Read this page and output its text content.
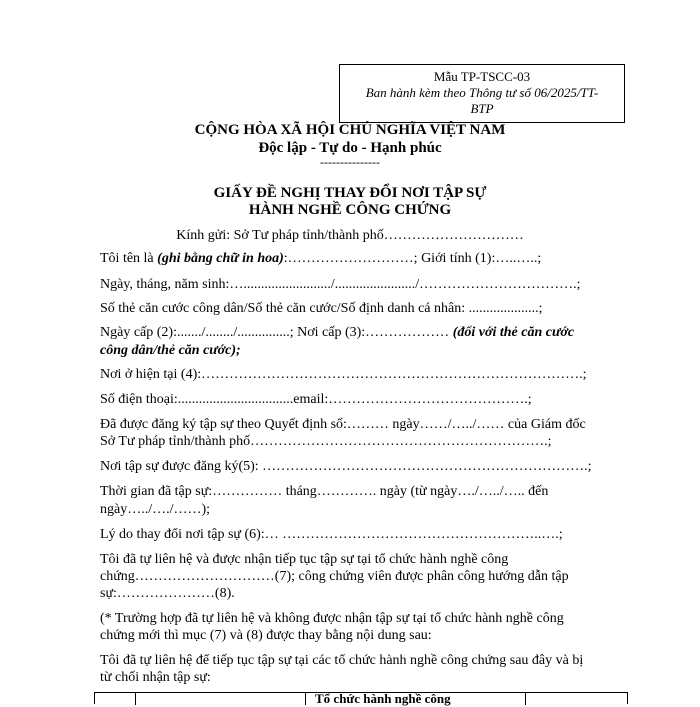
Mẫu TP-TSCC-03
Ban hành kèm theo Thông tư số 06/2025/TT-
BTP
CỘNG HÒA XÃ HỘI CHỦ NGHĨA VIỆT NAM
Độc lập - Tự do - Hạnh phúc
---------------
GIẤY ĐỀ NGHỊ THAY ĐỔI NƠI TẬP SỰ
HÀNH NGHỀ CÔNG CHỨNG
Kính gửi: Sở Tư pháp tỉnh/thành phố…………………………
Tôi tên là (ghi bằng chữ in hoa):………………………; Giới tính (1):…..…..;
Ngày, tháng, năm sinh:…........................./......................./…………………………….;
Số thẻ căn cước công dân/Số thẻ căn cước/Số định danh cá nhân: ....................;
Ngày cấp (2):......./......../...............; Nơi cấp (3):……………… (đối với thẻ căn cước
công dân/thẻ căn cước);
Nơi ở hiện tại (4):……………………………………………………………………….;
Số điện thoại:.................................email:…………………………………….;
Đã được đăng ký tập sự theo Quyết định số:……… ngày……/…../…… của Giám đốc
Sở Tư pháp tỉnh/thành phố……………………………………………………….;
Nơi tập sự được đăng ký(5): …………………………………………………………….;
Thời gian đã tập sự:…………… tháng…………. ngày (từ ngày…./…../….. đến
ngày…../…./……);
Lý do thay đổi nơi tập sự (6):… ………………………………………………..….;
Tôi đã tự liên hệ và được nhận tiếp tục tập sự tại tổ chức hành nghề công
chứng…………………………(7); công chứng viên được phân công hướng dẫn tập
sự:…………………(8).
(* Trường hợp đã tự liên hệ và không được nhận tập sự tại tổ chức hành nghề công
chứng mới thì mục (7) và (8) được thay bằng nội dung sau:
Tôi đã tự liên hệ để tiếp tục tập sự tại các tổ chức hành nghề công chứng sau đây và bị
từ chối nhận tập sự:
Tổ chức hành nghề công
